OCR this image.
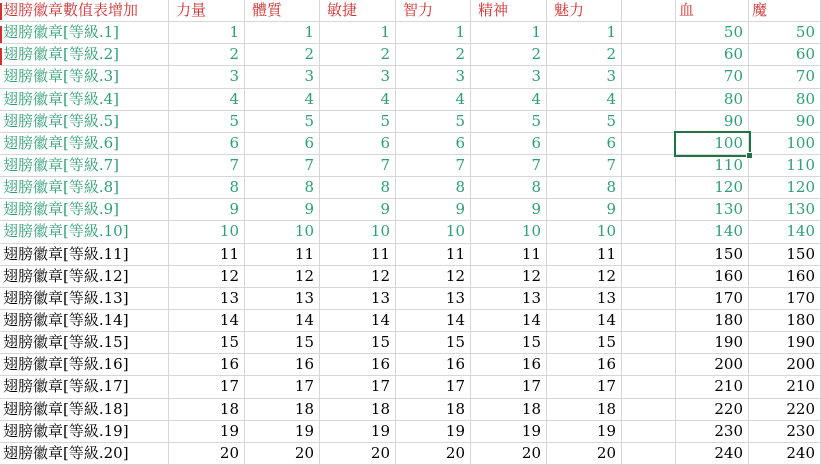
翅膀徽章數值表增加	力量	體質	敏捷	智力	精神	魅力	血	魔
翅膀徽章[等級.1]	1	1	1	1	1	1	50	50
翅膀徽章[等級.2]	2	2	2	2	2	2	60	60
翅膀徽章[等級.3]	3	3	3	3	3	3	70	70
翅膀徽章[等級.4]	4	4	4	4	4	4	80	80
翅膀徽章[等級.5]	5	5	5	5	5	5	90	90
翅膀徽章[等級.6]	6	6	6	6	6	6	100	100
翅膀徽章[等級.7]	7	7	7	7	7	7	110	110
翅膀徽章[等級.8]	8	8	8	8	8	8	120	120
翅膀徽章[等級.9]	9	9	9	9	9	9	130	130
翅膀徽章[等級.10]	10	10	10	10	10	10	140	140
翅膀徽章[等級.11]	11	11	11	11	11	11	150	150
翅膀徽章[等級.12]	12	12	12	12	12	12	160	160
翅膀徽章[等級.13]	13	13	13	13	13	13	170	170
翅膀徽章[等級.14]	14	14	14	14	14	14	180	180
翅膀徽章[等級.15]	15	15	15	15	15	15	190	190
翅膀徽章[等級.16]	16	16	16	16	16	16	200	200
翅膀徽章[等級.17]	17	17	17	17	17	17	210	210
翅膀徽章[等級.18]	18	18	18	18	18	18	220	220
翅膀徽章[等級.19]	19	19	19	19	19	19	230	230
翅膀徽章[等級.20]	20	20	20	20	20	20	240	240
